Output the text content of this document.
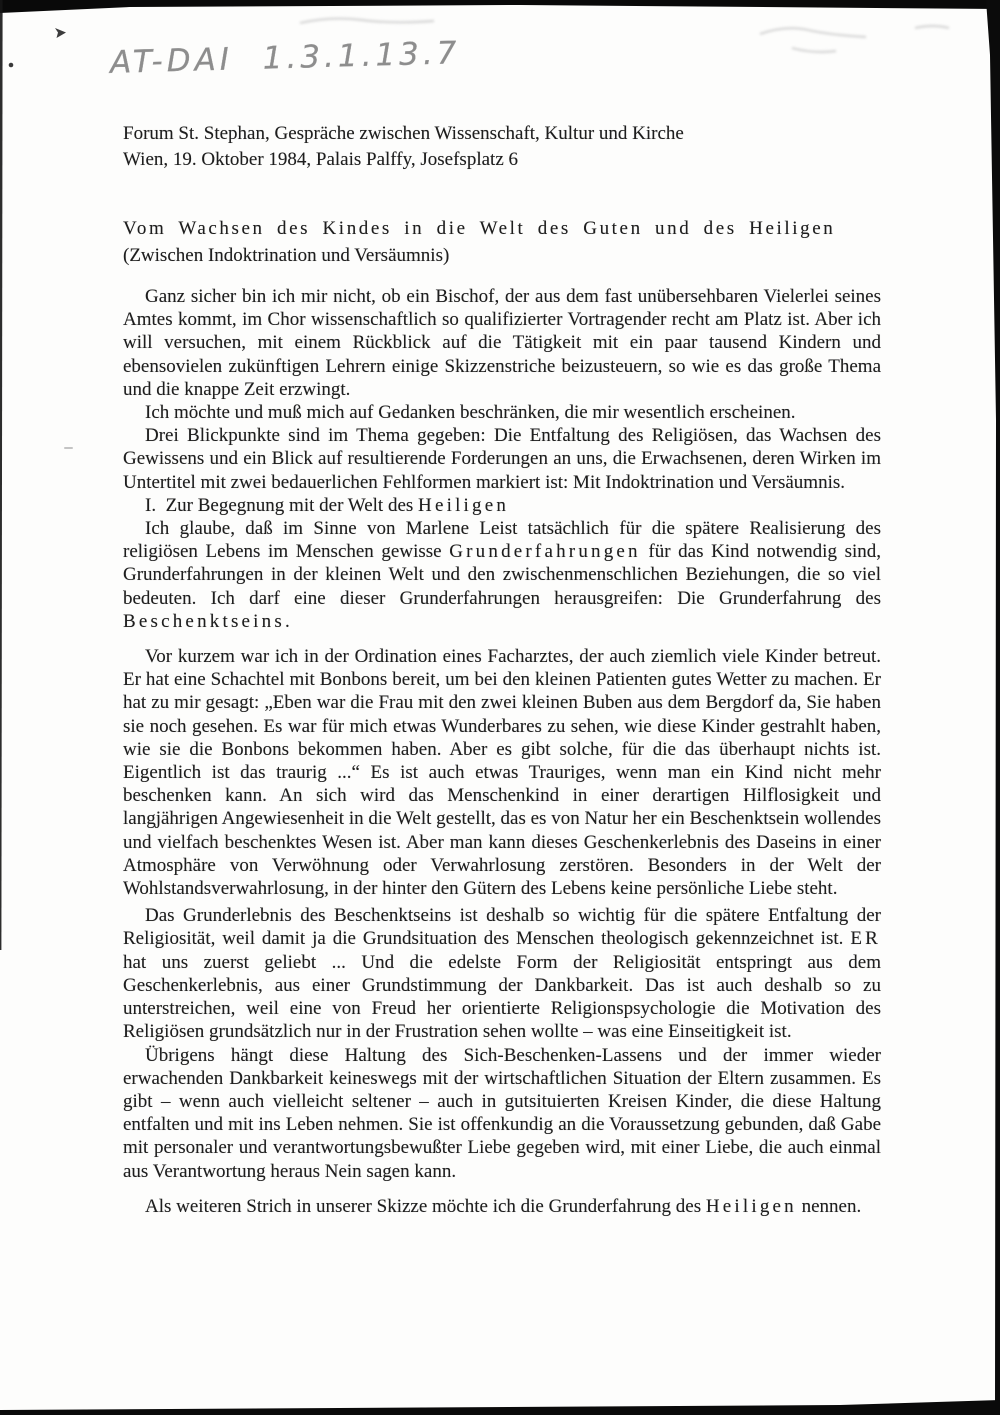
AT-DAI 1.3.1.13.7
Forum St. Stephan, Gespräche zwischen Wissenschaft, Kultur und Kirche
Wien, 19. Oktober 1984, Palais Palffy, Josefsplatz 6
Vom Wachsen des Kindes in die Welt des Guten und des Heiligen
(Zwischen Indoktrination und Versäumnis)

Ganz sicher bin ich mir nicht, ob ein Bischof, der aus dem fast unübersehbaren Vielerlei seines Amtes kommt, im Chor wissenschaftlich so qualifizierter Vortragender recht am Platz ist. Aber ich will versuchen, mit einem Rückblick auf die Tätigkeit mit ein paar tausend Kindern und ebensovielen zukünftigen Lehrern einige Skizzenstriche beizusteuern, so wie es das große Thema und die knappe Zeit erzwingt.

Ich möchte und muß mich auf Gedanken beschränken, die mir wesentlich erscheinen.

Drei Blickpunkte sind im Thema gegeben: Die Entfaltung des Religiösen, das Wachsen des Gewissens und ein Blick auf resultierende Forderungen an uns, die Erwachsenen, deren Wirken im Untertitel mit zwei bedauerlichen Fehlformen markiert ist: Mit Indoktrination und Versäumnis.

I.  Zur Begegnung mit der Welt des Heiligen

Ich glaube, daß im Sinne von Marlene Leist tatsächlich für die spätere Realisierung des religiösen Lebens im Menschen gewisse Grunderfahrungen für das Kind notwendig sind, Grunderfahrungen in der kleinen Welt und den zwischenmenschlichen Beziehungen, die so viel bedeuten. Ich darf eine dieser Grunderfahrungen herausgreifen: Die Grunderfahrung des Beschenktseins.

Vor kurzem war ich in der Ordination eines Facharztes, der auch ziemlich viele Kinder betreut. Er hat eine Schachtel mit Bonbons bereit, um bei den kleinen Patienten gutes Wetter zu machen. Er hat zu mir gesagt: „Eben war die Frau mit den zwei kleinen Buben aus dem Bergdorf da, Sie haben sie noch gesehen. Es war für mich etwas Wunderbares zu sehen, wie diese Kinder gestrahlt haben, wie sie die Bonbons bekommen haben. Aber es gibt solche, für die das überhaupt nichts ist. Eigentlich ist das traurig ...“ Es ist auch etwas Trauriges, wenn man ein Kind nicht mehr beschenken kann. An sich wird das Menschenkind in einer derartigen Hilflosigkeit und langjährigen Angewiesenheit in die Welt gestellt, das es von Natur her ein Beschenktsein wollendes und vielfach beschenktes Wesen ist. Aber man kann dieses Geschenkerlebnis des Daseins in einer Atmosphäre von Verwöhnung oder Verwahrlosung zerstören. Besonders in der Welt der Wohlstandsverwahrlosung, in der hinter den Gütern des Lebens keine persönliche Liebe steht.

Das Grunderlebnis des Beschenktseins ist deshalb so wichtig für die spätere Entfaltung der Religiosität, weil damit ja die Grundsituation des Menschen theologisch gekennzeichnet ist. ER hat uns zuerst geliebt ... Und die edelste Form der Religiosität entspringt aus dem Geschenkerlebnis, aus einer Grundstimmung der Dankbarkeit. Das ist auch deshalb so zu unterstreichen, weil eine von Freud her orientierte Religionspsychologie die Motivation des Religiösen grundsätzlich nur in der Frustration sehen wollte – was eine Einseitigkeit ist.

Übrigens hängt diese Haltung des Sich-Beschenken-Lassens und der immer wieder erwachenden Dankbarkeit keineswegs mit der wirtschaftlichen Situation der Eltern zusammen. Es gibt – wenn auch vielleicht seltener – auch in gutsituierten Kreisen Kinder, die diese Haltung entfalten und mit ins Leben nehmen. Sie ist offenkundig an die Voraussetzung gebunden, daß Gabe mit personaler und verantwortungsbewußter Liebe gegeben wird, mit einer Liebe, die auch einmal aus Verantwortung heraus Nein sagen kann.

Als weiteren Strich in unserer Skizze möchte ich die Grunderfahrung des Heiligen nennen.
